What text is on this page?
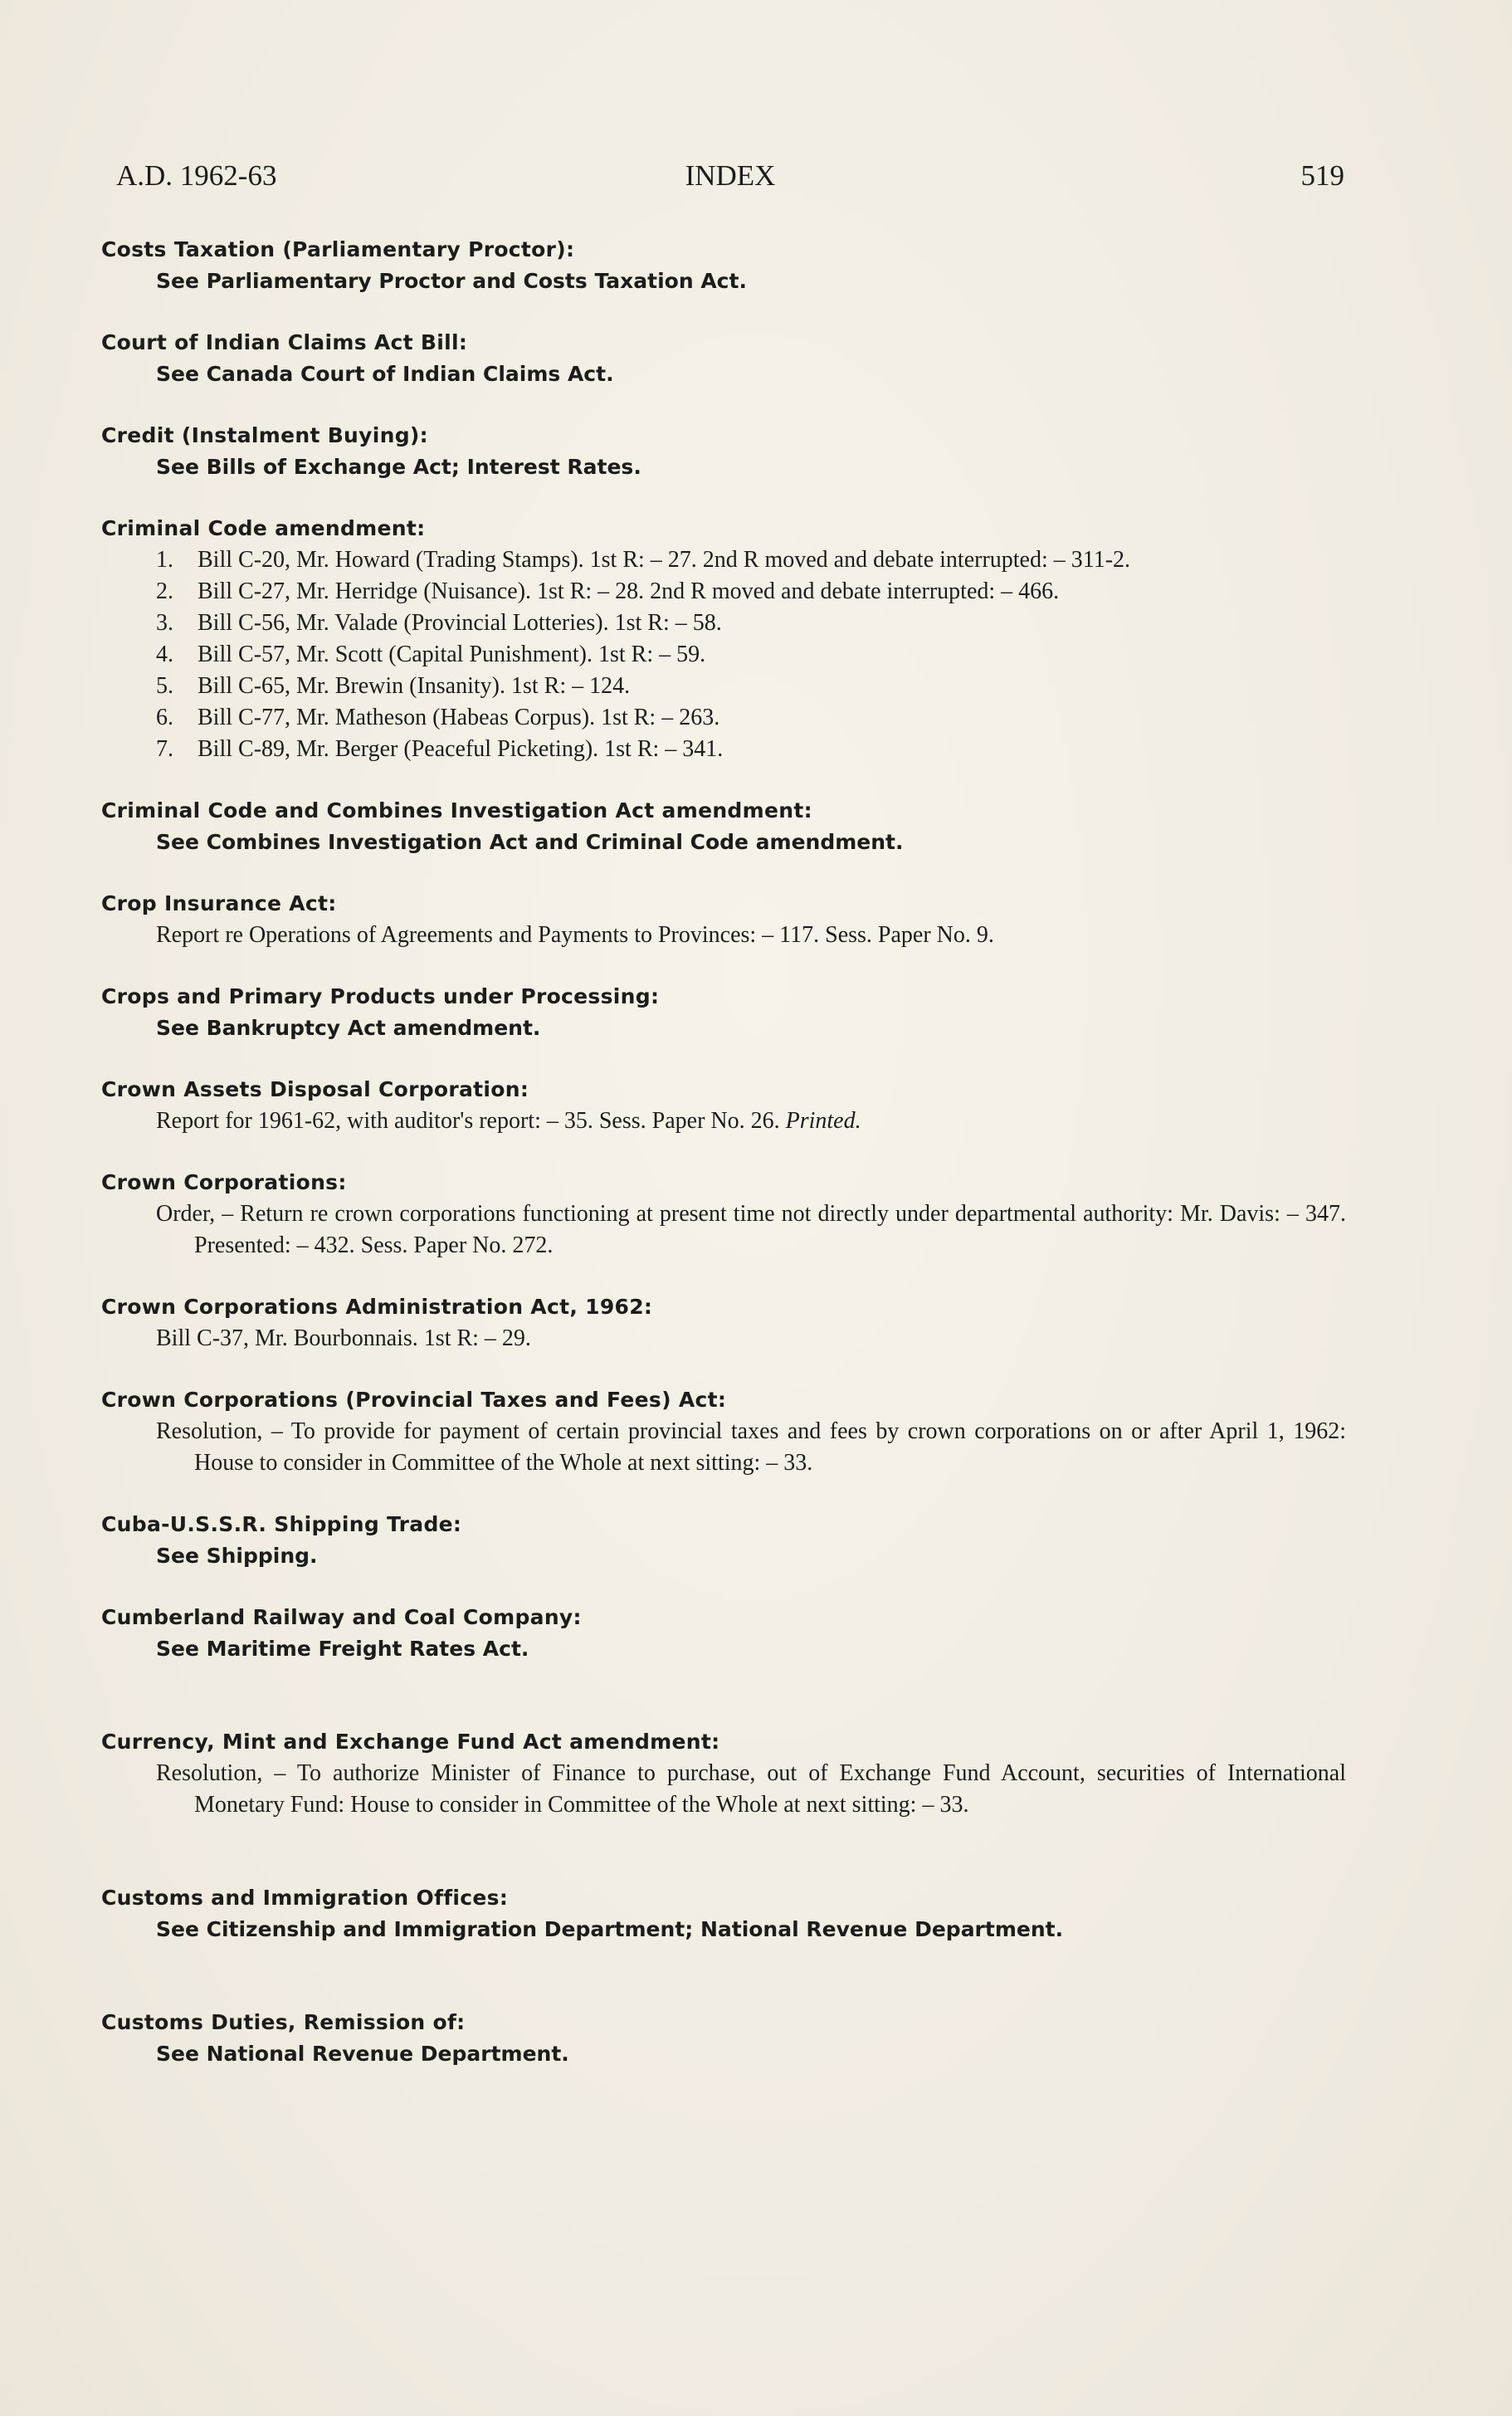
A.D. 1962-63	INDEX	519
Costs Taxation (Parliamentary Proctor):
See Parliamentary Proctor and Costs Taxation Act.
Court of Indian Claims Act Bill:
See Canada Court of Indian Claims Act.
Credit (Instalment Buying):
See Bills of Exchange Act; Interest Rates.
Criminal Code amendment:
1. Bill C-20, Mr. Howard (Trading Stamps). 1st R: – 27. 2nd R moved and debate interrupted: – 311-2.
2. Bill C-27, Mr. Herridge (Nuisance). 1st R: – 28. 2nd R moved and debate interrupted: – 466.
3. Bill C-56, Mr. Valade (Provincial Lotteries). 1st R: – 58.
4. Bill C-57, Mr. Scott (Capital Punishment). 1st R: – 59.
5. Bill C-65, Mr. Brewin (Insanity). 1st R: – 124.
6. Bill C-77, Mr. Matheson (Habeas Corpus). 1st R: – 263.
7. Bill C-89, Mr. Berger (Peaceful Picketing). 1st R: – 341.
Criminal Code and Combines Investigation Act amendment:
See Combines Investigation Act and Criminal Code amendment.
Crop Insurance Act:
Report re Operations of Agreements and Payments to Provinces: – 117. Sess. Paper No. 9.
Crops and Primary Products under Processing:
See Bankruptcy Act amendment.
Crown Assets Disposal Corporation:
Report for 1961-62, with auditor's report: – 35. Sess. Paper No. 26. Printed.
Crown Corporations:
Order, – Return re crown corporations functioning at present time not directly under departmental authority: Mr. Davis: – 347. Presented: – 432. Sess. Paper No. 272.
Crown Corporations Administration Act, 1962:
Bill C-37, Mr. Bourbonnais. 1st R: – 29.
Crown Corporations (Provincial Taxes and Fees) Act:
Resolution, – To provide for payment of certain provincial taxes and fees by crown corporations on or after April 1, 1962: House to consider in Committee of the Whole at next sitting: – 33.
Cuba-U.S.S.R. Shipping Trade:
See Shipping.
Cumberland Railway and Coal Company:
See Maritime Freight Rates Act.
Currency, Mint and Exchange Fund Act amendment:
Resolution, – To authorize Minister of Finance to purchase, out of Exchange Fund Account, securities of International Monetary Fund: House to consider in Committee of the Whole at next sitting: – 33.
Customs and Immigration Offices:
See Citizenship and Immigration Department; National Revenue Department.
Customs Duties, Remission of:
See National Revenue Department.
